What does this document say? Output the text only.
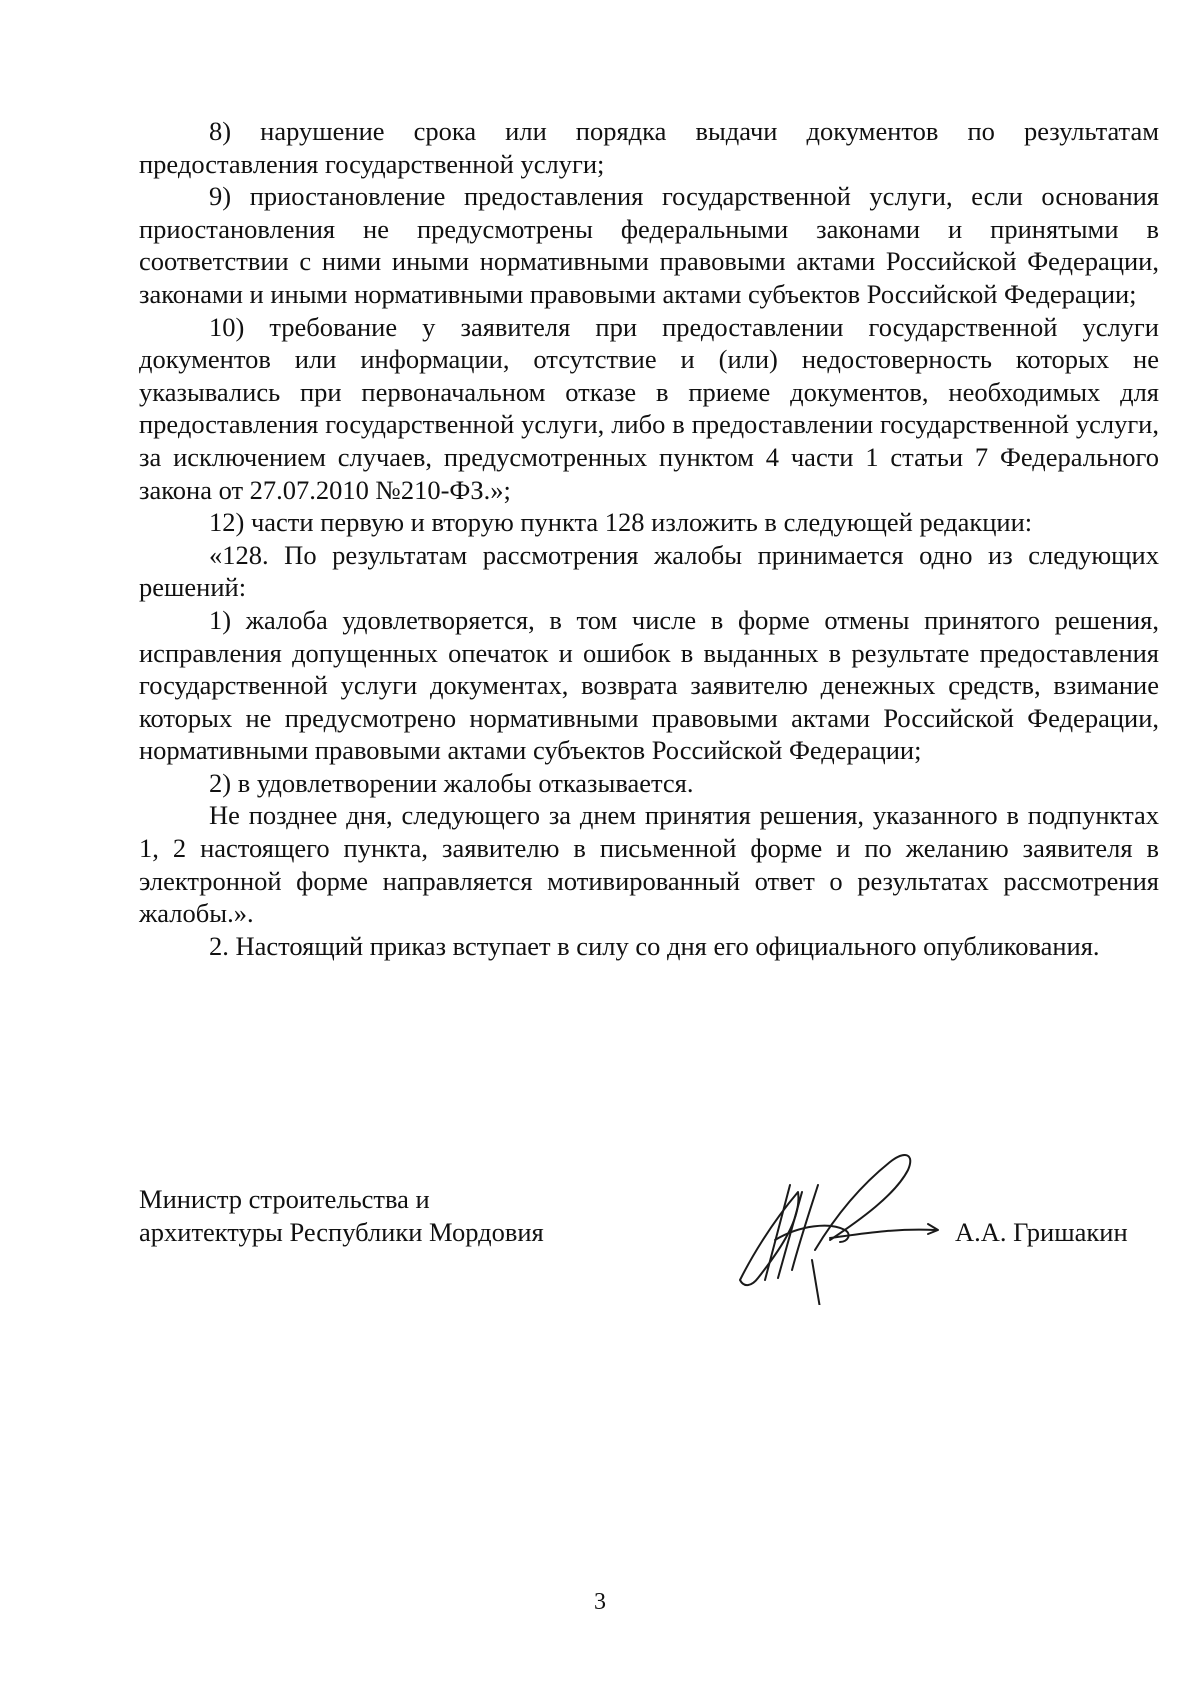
8) нарушение срока или порядка выдачи документов по результатам предоставления государственной услуги;

9) приостановление предоставления государственной услуги, если основания приостановления не предусмотрены федеральными законами и принятыми в соответствии с ними иными нормативными правовыми актами Российской Федерации, законами и иными нормативными правовыми актами субъектов Российской Федерации;

10) требование у заявителя при предоставлении государственной услуги документов или информации, отсутствие и (или) недостоверность которых не указывались при первоначальном отказе в приеме документов, необходимых для предоставления государственной услуги, либо в предоставлении государственной услуги, за исключением случаев, предусмотренных пунктом 4 части 1 статьи 7 Федерального закона от 27.07.2010 №210-ФЗ.»;

12) части первую и вторую пункта 128 изложить в следующей редакции:

«128. По результатам рассмотрения жалобы принимается одно из следующих решений:

1) жалоба удовлетворяется, в том числе в форме отмены принятого решения, исправления допущенных опечаток и ошибок в выданных в результате предоставления государственной услуги документах, возврата заявителю денежных средств, взимание которых не предусмотрено нормативными правовыми актами Российской Федерации, нормативными правовыми актами субъектов Российской Федерации;

2) в удовлетворении жалобы отказывается.

Не позднее дня, следующего за днем принятия решения, указанного в подпунктах 1, 2 настоящего пункта, заявителю в письменной форме и по желанию заявителя в электронной форме направляется мотивированный ответ о результатах рассмотрения жалобы.».

2. Настоящий приказ вступает в силу со дня его официального опубликования.

Министр строительства и
архитектуры Республики Мордовия	А.А. Гришакин
3
